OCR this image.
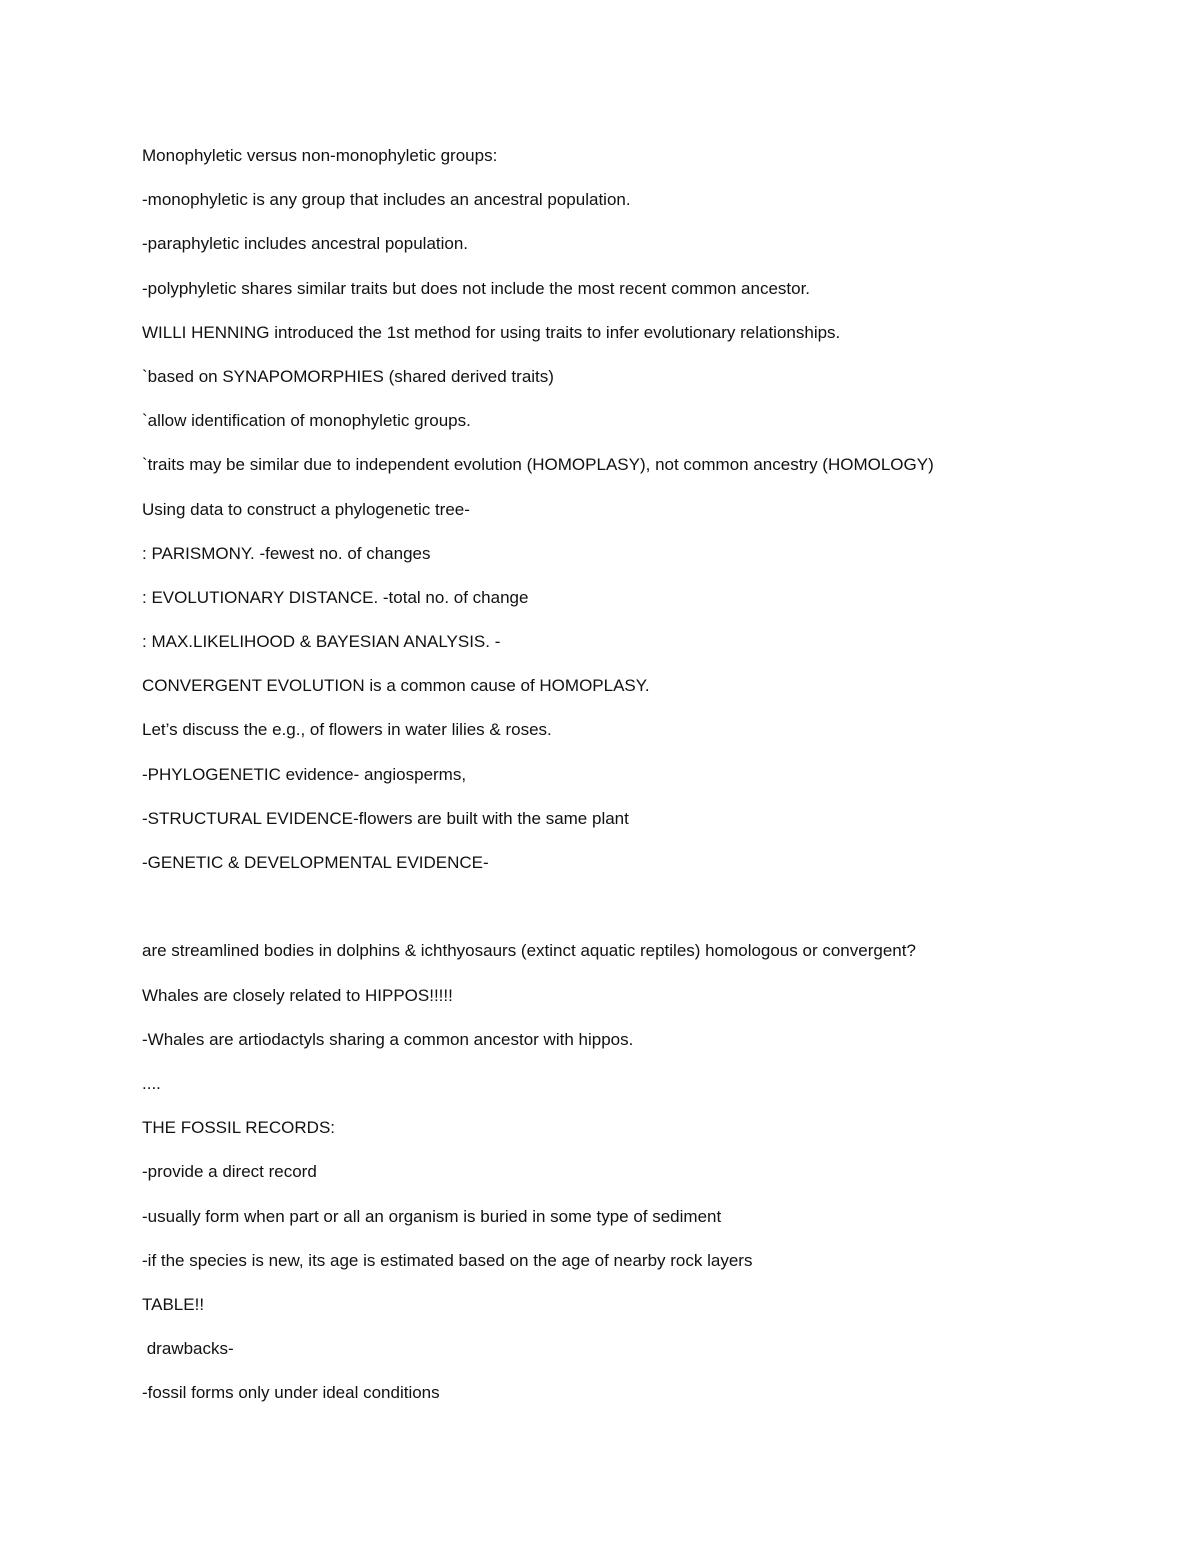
Monophyletic versus non-monophyletic groups:
-monophyletic is any group that includes an ancestral population.
-paraphyletic includes ancestral population.
-polyphyletic shares similar traits but does not include the most recent common ancestor.
WILLI HENNING introduced the 1st method for using traits to infer evolutionary relationships.
`based on SYNAPOMORPHIES (shared derived traits)
`allow identification of monophyletic groups.
`traits may be similar due to independent evolution (HOMOPLASY), not common ancestry (HOMOLOGY)
Using data to construct a phylogenetic tree-
: PARISMONY. -fewest no. of changes
: EVOLUTIONARY DISTANCE. -total no. of change
: MAX.LIKELIHOOD & BAYESIAN ANALYSIS. -
CONVERGENT EVOLUTION is a common cause of HOMOPLASY.
Let’s discuss the e.g., of flowers in water lilies & roses.
-PHYLOGENETIC evidence- angiosperms,
-STRUCTURAL EVIDENCE-flowers are built with the same plant
-GENETIC & DEVELOPMENTAL EVIDENCE-
are streamlined bodies in dolphins & ichthyosaurs (extinct aquatic reptiles) homologous or convergent?
Whales are closely related to HIPPOS!!!!!
-Whales are artiodactyls sharing a common ancestor with hippos.
....
THE FOSSIL RECORDS:
-provide a direct record
-usually form when part or all an organism is buried in some type of sediment
-if the species is new, its age is estimated based on the age of nearby rock layers
TABLE!!
drawbacks-
-fossil forms only under ideal conditions
